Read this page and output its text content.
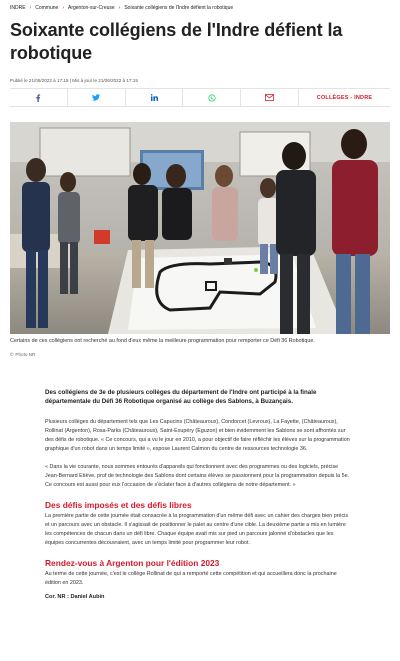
INDRE › Commune › Argenton-sur-Creuse › Soixante collégiens de l'Indre défient la robotique
Soixante collégiens de l'Indre défient la robotique
Publié le 21/06/2022 à 17:15 | Mis à jour le 21/06/2022 à 17:15
COLLÈGES - INDRE

Certains de ces collégiens ont recherché au fond d'eux même la meilleure programmation pour remporter ce Défi 36 Robotique.

© Photo NR

Des collégiens de 3e de plusieurs collèges du département de l'Indre ont participé à la finale départementale du Défi 36 Robotique organisé au collège des Sablons, à Buzançais.

Plusieurs collèges du département tels que Les Capucins (Châteauroux), Condorcet (Levroux), La Fayette, (Châteauroux), Rollinat (Argenton), Rosa-Parks (Châteauroux), Saint-Exupéry (Eguzon) et bien évidemment les Sablons se sont affrontés sur des défis de robotique. « Ce concours, qui a vu le jour en 2010, a pour objectif de faire réfléchir les élèves sur la programmation graphique d'un robot dans un temps limité », expose Laurent Calmon du centre de ressources technologie 36.

« Dans la vie courante, nous sommes entourés d'appareils qui fonctionnent avec des programmes ou des logiciels, précise Jean-Bernard Etiève, prof de technologie des Sablons dont certains élèves se passionnent pour la programmation depuis la 5e. Ce concours est aussi pour eux l'occasion de s'éclater face à d'autres collégiens de notre département. »

Des défis imposés et des défis libres

La première partie de cette journée était consacrée à la programmation d'un même défi avec un cahier des charges bien précis et un parcours avec un obstacle. Il s'agissait de positionner le palet au centre d'une cible. La deuxième partie a mis en lumière les compétences de chacun dans un défi libre. Chaque équipe avait mis sur pied un parcours jalonné d'obstacles que les équipes concurrentes découvraient, avec un temps limité pour programmer leur robot.

Rendez-vous à Argenton pour l'édition 2023

Au terme de cette journée, c'est le collège Rollinat de qui a remporté cette compétition et qui accueillera donc la prochaine édition en 2023.

Cor. NR : Daniel Aubin
